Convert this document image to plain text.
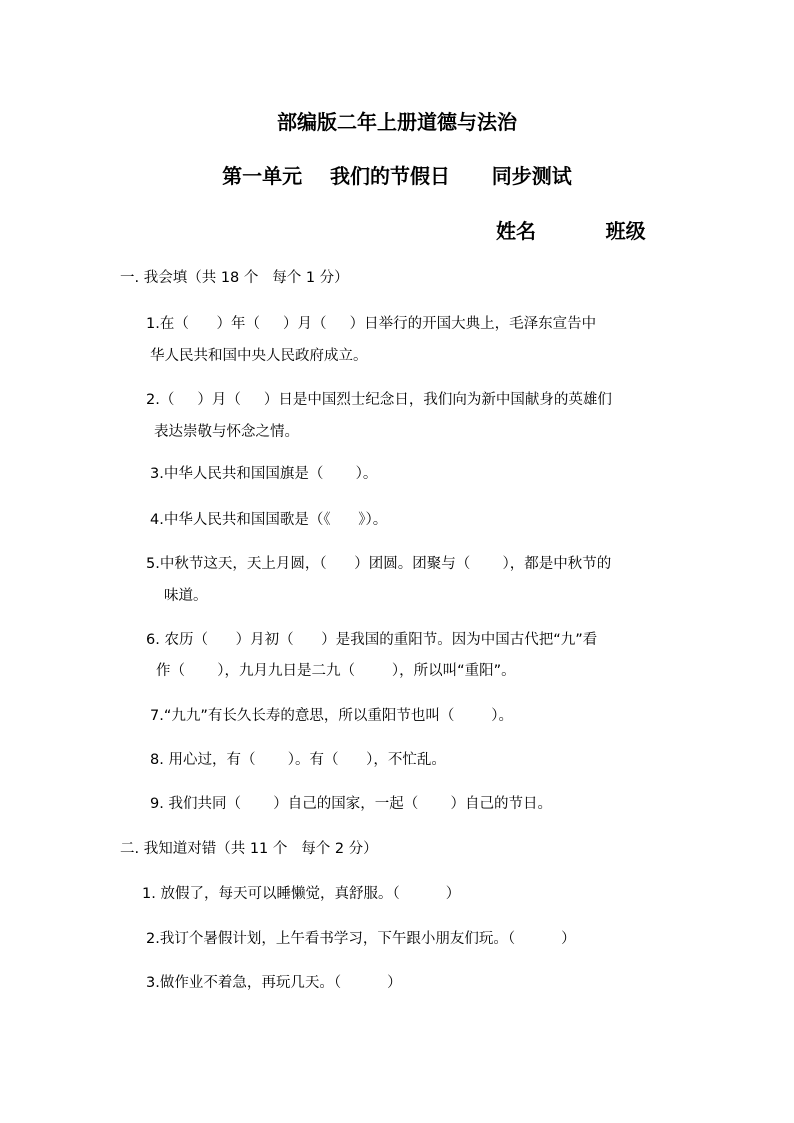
部编版二年上册道德与法治
第一单元    我们的节假日      同步测试
姓名          班级
一. 我会填（共 18 个   每个 1 分）
1.在（      ）年（     ）月（     ）日举行的开国大典上，毛泽东宣告中
华人民共和国中央人民政府成立。
2.（     ）月（     ）日是中国烈士纪念日，我们向为新中国献身的英雄们
表达崇敬与怀念之情。
3.中华人民共和国国旗是（       ）。
4.中华人民共和国国歌是（《      》）。
5.中秋节这天，天上月圆，（      ）团圆。团聚与（       ），都是中秋节的
味道。
6. 农历（      ）月初（      ）是我国的重阳节。因为中国古代把“九”看
作（       ），九月九日是二九（        ），所以叫“重阳”。
7.“九九”有长久长寿的意思，所以重阳节也叫（        ）。
8. 用心过，有（       ）。有（      ），不忙乱。
9. 我们共同（       ）自己的国家，一起（       ）自己的节日。
二. 我知道对错（共 11 个   每个 2 分）
1. 放假了，每天可以睡懒觉，真舒服。（          ）
2.我订个暑假计划，上午看书学习，下午跟小朋友们玩。（          ）
3.做作业不着急，再玩几天。（          ）
